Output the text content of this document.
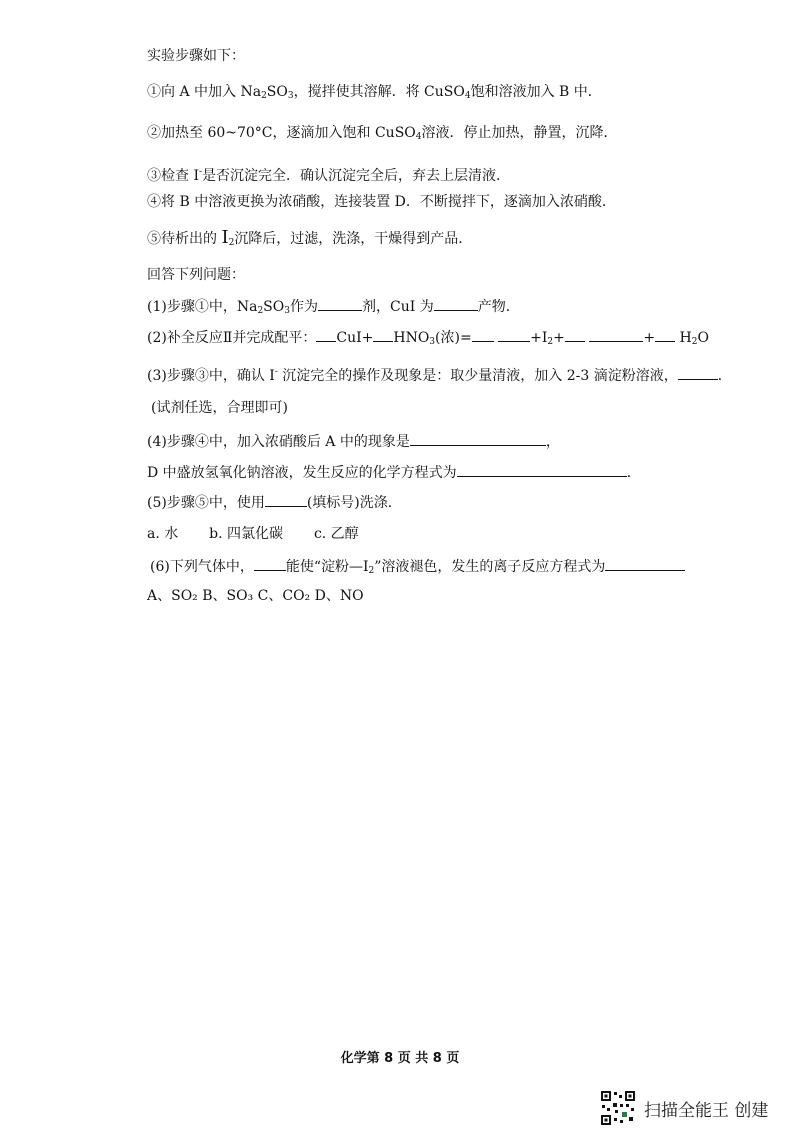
实验步骤如下：
①向 A 中加入 $Na_2SO_3$，搅拌使其溶解．将 CuSO$_4$饱和溶液加入 B 中．
②加热至 60~70°C，逐滴加入饱和 CuSO$_4$溶液．停止加热，静置，沉降．
③检查 I-是否沉淀完全．确认沉淀完全后，弃去上层清液．
④将 B 中溶液更换为浓硝酸，连接装置 D．不断搅拌下，逐滴加入浓硝酸．
⑤待析出的 $I_2$沉降后，过滤，洗涤，干燥得到产品．
回答下列问题：
(1)步骤①中，$Na_2SO_3$作为	剂，CuI 为	产物．
(2)补全反应Ⅱ并完成配平： $CuI+ HNO_3$(浓)=	$+I_2+$	+ $H_2O$
(3)步骤③中，确认 I- 沉淀完全的操作及现象是：取少量清液，加入 2-3 滴淀粉溶液，	．
(试剂任选，合理即可)
(4)步骤④中，加入浓硝酸后 A 中的现象是	，
D 中盛放氢氧化钠溶液，发生反应的化学方程式为	．
(5)步骤⑤中，使用	(填标号)洗涤．
a. 水 b. 四氯化碳 c. 乙醇
(6)下列气体中， 能使“淀粉$—I_2$”溶液褪色，发生的离子反应方程式为
A、SO₂ B、SO₃ C、CO₂ D、NO
化学第 8 页 共 8 页
扫描全能王 创建
